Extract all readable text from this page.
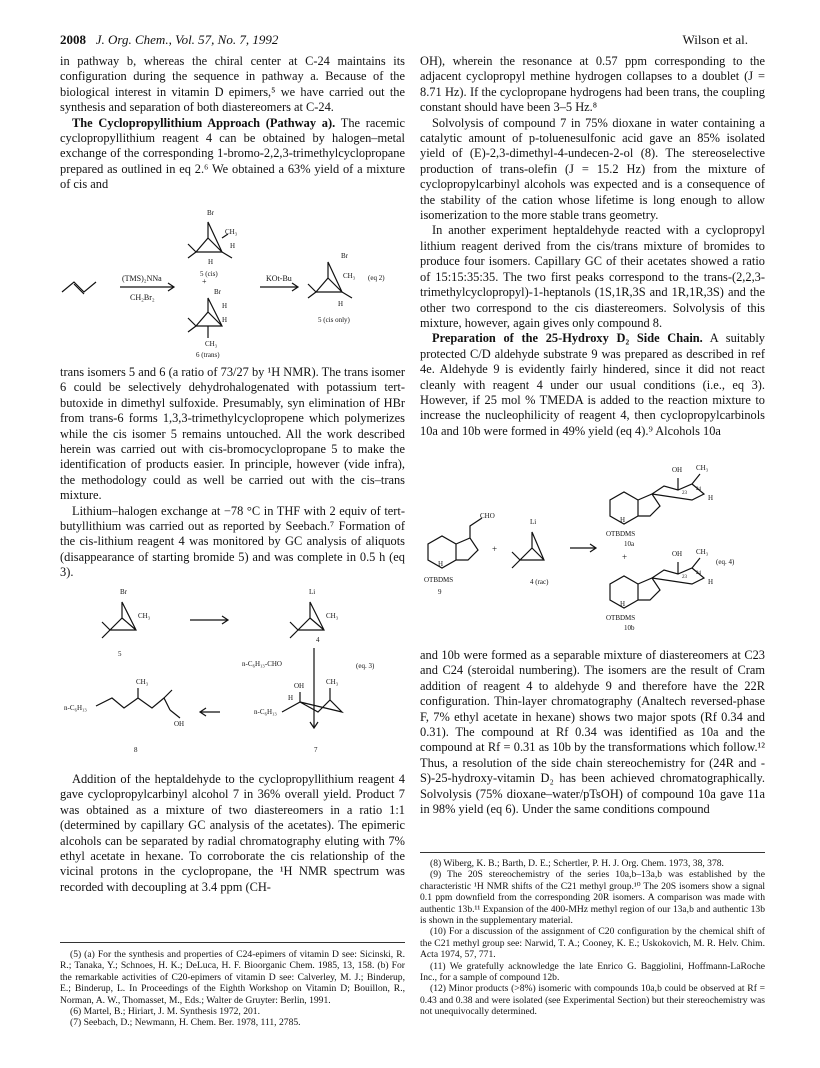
2008 J. Org. Chem., Vol. 57, No. 7, 1992	Wilson et al.

in pathway b, whereas the chiral center at C-24 maintains its configuration during the sequence in pathway a. Because of the biological interest in vitamin D epimers,⁵ we have carried out the synthesis and separation of both diastereomers at C-24.

The Cyclopropyllithium Approach (Pathway a). The racemic cyclopropyllithium reagent 4 can be obtained by halogen–metal exchange of the corresponding 1-bromo-2,2,3-trimethylcyclopropane prepared as outlined in eq 2.⁶ We obtained a 63% yield of a mixture of cis and

(TMS)₂NNa
CH₂Br₂
Br
CH₃
H
H
5 (cis)
+
Br
H
H
CH₃
6 (trans)
KOt-Bu
Br
CH₃
H
5 (cis only)
(eq 2)

trans isomers 5 and 6 (a ratio of 73/27 by ¹H NMR). The trans isomer 6 could be selectively dehydrohalogenated with potassium tert-butoxide in dimethyl sulfoxide. Presumably, syn elimination of HBr from trans-6 forms 1,3,3-trimethylcyclopropene which polymerizes while the cis isomer 5 remains untouched. All the work described herein was carried out with cis-bromocyclopropane 5 to make the identification of products easier. In principle, however (vide infra), the methodology could as well be carried out with the cis–trans mixture.

Lithium–halogen exchange at −78 °C in THF with 2 equiv of tert-butyllithium was carried out as reported by Seebach.⁷ Formation of the cis-lithium reagent 4 was monitored by GC analysis of aliquots (disappearance of starting bromide 5) and was complete in 0.5 h (eq 3).

Br
CH₃
5
Li
CH₃
4
n-C₆H₁₃-CHO	(eq. 3)
n-C₆H₁₃
CH₃
OH
8
n-C₆H₁₃
OH
H
CH₃
7

Addition of the heptaldehyde to the cyclopropyllithium reagent 4 gave cyclopropylcarbinyl alcohol 7 in 36% overall yield. Product 7 was obtained as a mixture of two diastereomers in a ratio 1:1 (determined by capillary GC analysis of the acetates). The epimeric alcohols can be separated by radial chromatography eluting with 7% ethyl acetate in hexane. To corroborate the cis relationship of the vicinal protons in the cyclopropane, the ¹H NMR spectrum was recorded with decoupling at 3.4 ppm (CH-

(5) (a) For the synthesis and properties of C24-epimers of vitamin D see: Sicinski, R. R.; Tanaka, Y.; Schnoes, H. K.; DeLuca, H. F. Bioorganic Chem. 1985, 13, 158. (b) For the remarkable activities of C20-epimers of vitamin D see: Calverley, M. J.; Binderup, E.; Binderup, L. In Proceedings of the Eighth Workshop on Vitamin D; Bouillon, R., Norman, A. W., Thomasset, M., Eds.; Walter de Gruyter: Berlin, 1991.

(6) Martel, B.; Hiriart, J. M. Synthesis 1972, 201.

(7) Seebach, D.; Newmann, H. Chem. Ber. 1978, 111, 2785.

OH), wherein the resonance at 0.57 ppm corresponding to the adjacent cyclopropyl methine hydrogen collapses to a doublet (J = 8.71 Hz). If the cyclopropane hydrogens had been trans, the coupling constant should have been 3–5 Hz.⁸

Solvolysis of compound 7 in 75% dioxane in water containing a catalytic amount of p-toluenesulfonic acid gave an 85% isolated yield of (E)-2,3-dimethyl-4-undecen-2-ol (8). The stereoselective production of trans-olefin (J = 15.2 Hz) from the mixture of cyclopropylcarbinyl alcohols was expected and is a consequence of the stability of the cation whose lifetime is long enough to allow isomerization to the more stable trans geometry.

In another experiment heptaldehyde reacted with a cyclopropyl lithium reagent derived from the cis/trans mixture of bromides to produce four isomers. Capillary GC of their acetates showed a ratio of 15:15:35:35. The two first peaks correspond to the trans-(2,2,3-trimethylcyclopropyl)-1-heptanols (1S,1R,3S and 1R,1R,3S) and the other two correspond to the cis diastereomers. Solvolysis of this mixture, however, again gives only compound 8.

Preparation of the 25-Hydroxy D₂ Side Chain. A suitably protected C/D aldehyde substrate 9 was prepared as described in ref 4e. Aldehyde 9 is evidently fairly hindered, since it did not react cleanly with reagent 4 under our usual conditions (i.e., eq 3). However, if 25 mol % TMEDA is added to the reaction mixture to increase the nucleophilicity of reagent 4, then cyclopropylcarbinols 10a and 10b were formed in 49% yield (eq 4).⁹ Alcohols 10a

CHO
H
OTBDMS
9
+
Li
4 (rac)
OH CH₃
23
24
H
H
OTBDMS
10a
+	(eq. 4)
OH CH₃
23
24
H
H
OTBDMS
10b

and 10b were formed as a separable mixture of diastereomers at C23 and C24 (steroidal numbering). The isomers are the result of Cram addition of reagent 4 to aldehyde 9 and therefore have the 22R configuration. Thin-layer chromatography (Analtech reversed-phase F, 7% ethyl acetate in hexane) shows two major spots (Rf 0.34 and 0.31). The compound at Rf 0.34 was identified as 10a and the compound at Rf = 0.31 as 10b by the transformations which follow.¹² Thus, a resolution of the side chain stereochemistry for (24R and -S)-25-hydroxy-vitamin D₂ has been achieved chromatographically. Solvolysis (75% dioxane–water/pTsOH) of compound 10a gave 11a in 98% yield (eq 6). Under the same conditions compound

(8) Wiberg, K. B.; Barth, D. E.; Schertler, P. H. J. Org. Chem. 1973, 38, 378.

(9) The 20S stereochemistry of the series 10a,b–13a,b was established by the characteristic ¹H NMR shifts of the C21 methyl group.¹⁰ The 20S isomers show a signal 0.1 ppm downfield from the corresponding 20R isomers. A comparison was made with authentic 13b.¹¹ Expansion of the 400-MHz methyl region of our 13a,b and authentic 13b is shown in the supplementary material.

(10) For a discussion of the assignment of C20 configuration by the chemical shift of the C21 methyl group see: Narwid, T. A.; Cooney, K. E.; Uskokovich, M. R. Helv. Chim. Acta 1974, 57, 771.

(11) We gratefully acknowledge the late Enrico G. Baggiolini, Hoffmann-LaRoche Inc., for a sample of compound 12b.

(12) Minor products (>8%) isomeric with compounds 10a,b could be observed at Rf = 0.43 and 0.38 and were isolated (see Experimental Section) but their stereochemistry was not unequivocally determined.
